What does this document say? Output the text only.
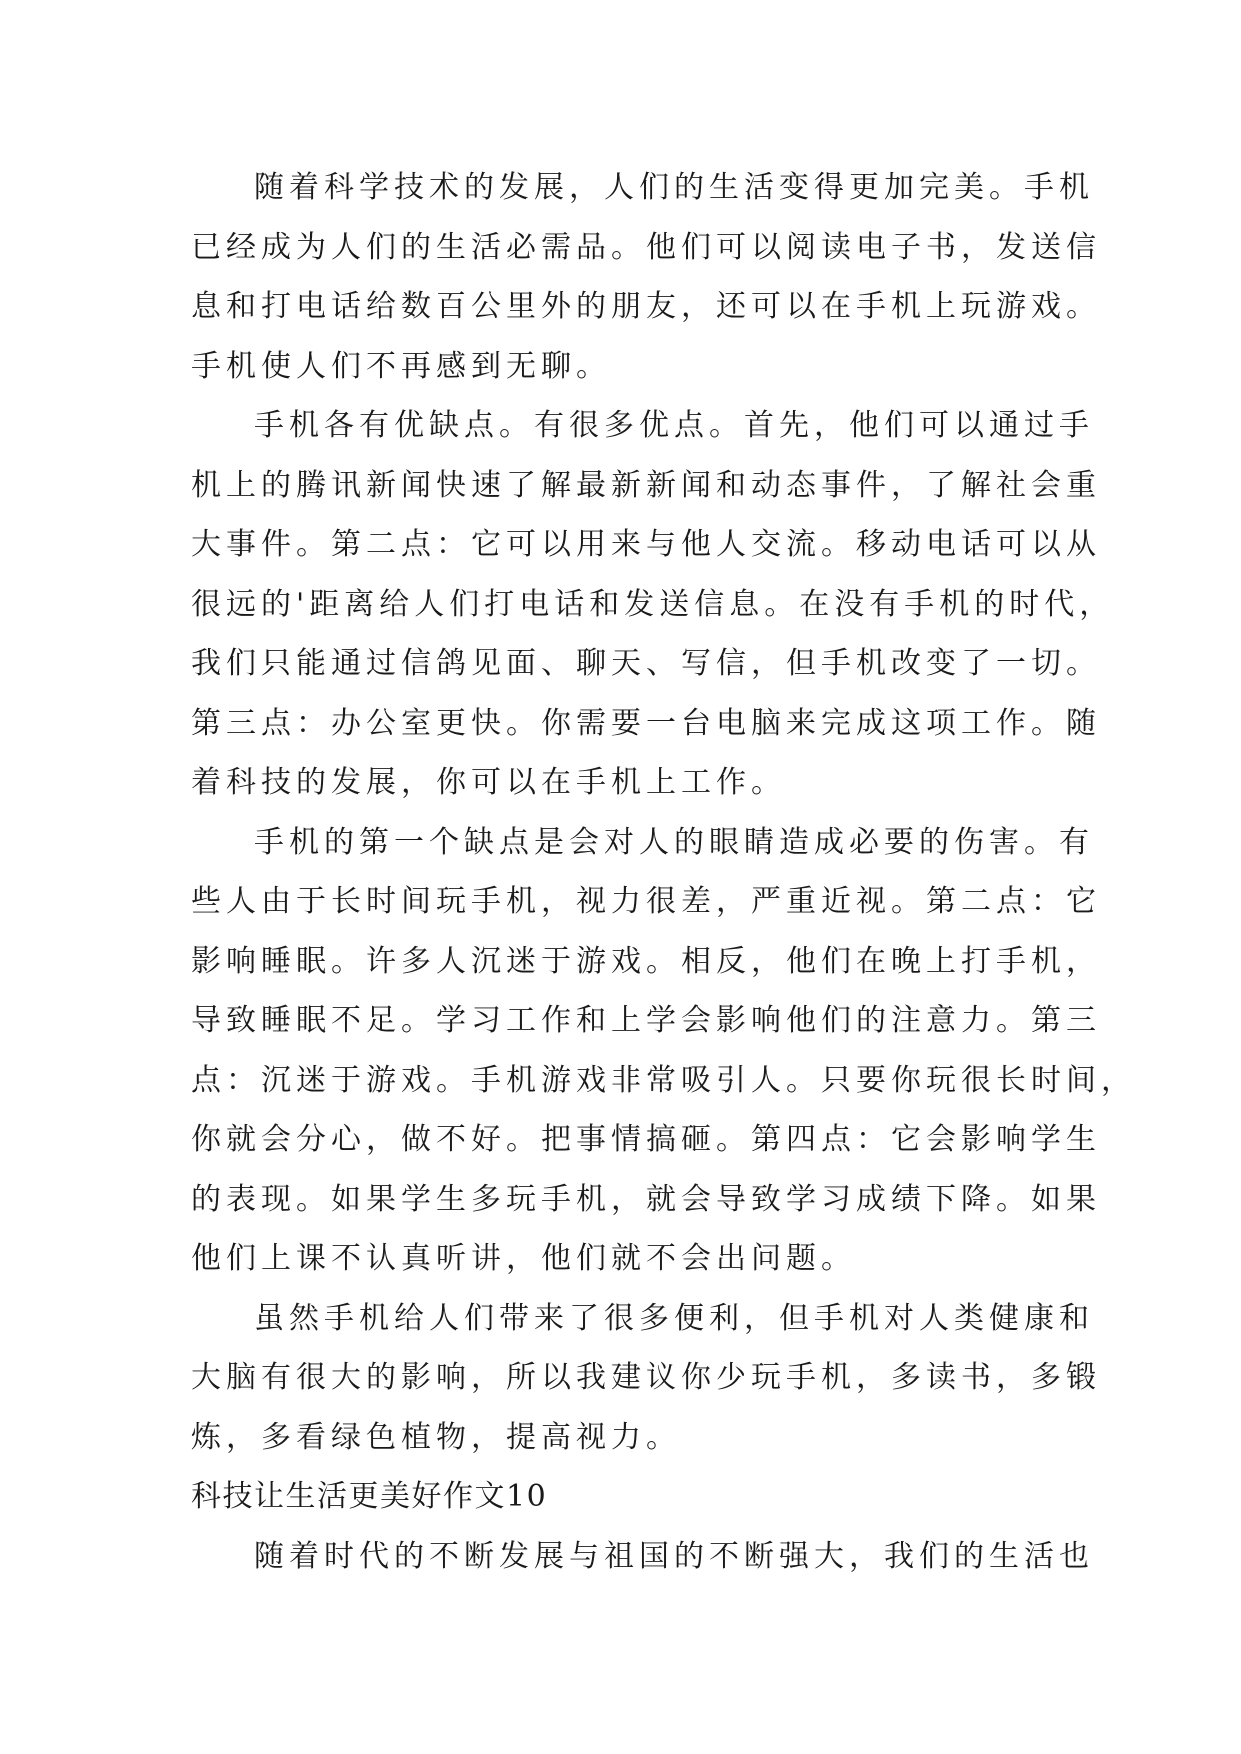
随着科学技术的发展，人们的生活变得更加完美。手机
已经成为人们的生活必需品。他们可以阅读电子书，发送信
息和打电话给数百公里外的朋友，还可以在手机上玩游戏。
手机使人们不再感到无聊。
手机各有优缺点。有很多优点。首先，他们可以通过手
机上的腾讯新闻快速了解最新新闻和动态事件，了解社会重
大事件。第二点：它可以用来与他人交流。移动电话可以从
很远的'距离给人们打电话和发送信息。在没有手机的时代，
我们只能通过信鸽见面、聊天、写信，但手机改变了一切。
第三点：办公室更快。你需要一台电脑来完成这项工作。随
着科技的发展，你可以在手机上工作。
手机的第一个缺点是会对人的眼睛造成必要的伤害。有
些人由于长时间玩手机，视力很差，严重近视。第二点：它
影响睡眠。许多人沉迷于游戏。相反，他们在晚上打手机，
导致睡眠不足。学习工作和上学会影响他们的注意力。第三
点：沉迷于游戏。手机游戏非常吸引人。只要你玩很长时间，
你就会分心，做不好。把事情搞砸。第四点：它会影响学生
的表现。如果学生多玩手机，就会导致学习成绩下降。如果
他们上课不认真听讲，他们就不会出问题。
虽然手机给人们带来了很多便利，但手机对人类健康和
大脑有很大的影响，所以我建议你少玩手机，多读书，多锻
炼，多看绿色植物，提高视力。
科技让生活更美好作文10
随着时代的不断发展与祖国的不断强大，我们的生活也
